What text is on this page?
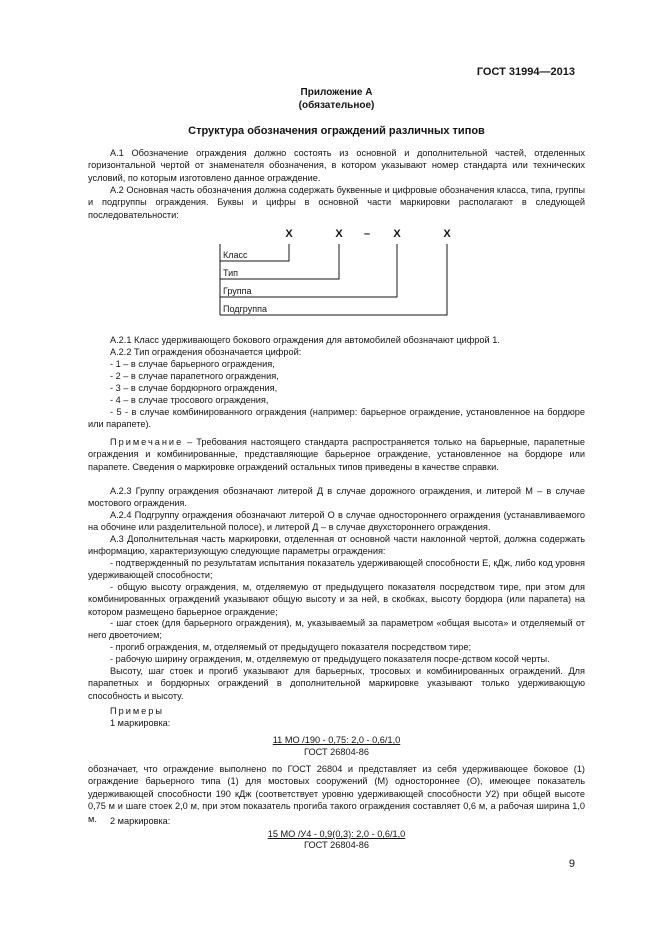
ГОСТ 31994—2013
Приложение А
(обязательное)
Структура обозначения ограждений различных типов
А.1 Обозначение ограждения должно состоять из основной и дополнительной частей, отделенных горизонтальной чертой от знаменателя обозначения, в котором указывают номер стандарта или технических условий, по которым изготовлено данное ограждение.
А.2 Основная часть обозначения должна содержать буквенные и цифровые обозначения класса, типа, группы и подгруппы ограждения. Буквы и цифры в основной части маркировки располагают в следующей последовательности:
X	X – X	X
Класс
Тип
Группа
Подгруппа
А.2.1 Класс удерживающего бокового ограждения для автомобилей обозначают цифрой 1.
А.2.2 Тип ограждения обозначается цифрой:
- 1 – в случае барьерного ограждения,
- 2 – в случае парапетного ограждения,
- 3 – в случае бордюрного ограждения,
- 4 – в случае тросового ограждения,
- 5 - в случае комбинированного ограждения (например: барьерное ограждение, установленное на бордюре или парапете).
Примечание – Требования настоящего стандарта распространяется только на барьерные, парапетные ограждения и комбинированные, представляющие барьерное ограждение, установленное на бордюре или парапете. Сведения о маркировке ограждений остальных типов приведены в качестве справки.
А.2.3 Группу ограждения обозначают литерой Д в случае дорожного ограждения, и литерой М – в случае мостового ограждения.
А.2.4 Подгруппу ограждения обозначают литерой О в случае одностороннего ограждения (устанавливаемого на обочине или разделительной полосе), и литерой Д – в случае двухстороннего ограждения.
А.3 Дополнительная часть маркировки, отделенная от основной части наклонной чертой, должна содержать информацию, характеризующую следующие параметры ограждения:
- подтвержденный по результатам испытания показатель удерживающей способности Е, кДж, либо код уровня удерживающей способности;
- общую высоту ограждения, м, отделяемую от предыдущего показателя посредством тире, при этом для комбинированных ограждений указывают общую высоту и за ней, в скобках, высоту бордюра (или парапета) на котором размещено барьерное ограждение;
- шаг стоек (для барьерного ограждения), м, указываемый за параметром «общая высота» и отделяемый от него двоеточием;
- прогиб ограждения, м, отделяемый от предыдущего показателя посредством тире;
- рабочую ширину ограждения, м, отделяемую от предыдущего показателя посре-дством косой черты.
Высоту, шаг стоек и прогиб указывают для барьерных, тросовых и комбинированных ограждений. Для парапетных и бордюрных ограждений в дополнительной маркировке указывают только удерживающую способность и высоту.
Примеры
1 маркировка:
11 МО /190 - 0,75: 2,0 - 0,6/1,0
ГОСТ 26804-86
обозначает, что ограждение выполнено по ГОСТ 26804 и представляет из себя удерживающее боковое (1) ограждение барьерного типа (1) для мостовых сооружений (М) одностороннее (О), имеющее показатель удерживающей способности 190 кДж (соответствует уровню удерживающей способности У2) при общей высоте 0,75 м и шаге стоек 2,0 м, при этом показатель прогиба такого ограждения составляет 0,6 м, а рабочая ширина 1,0 м.	2 маркировка:
15 МО /У4 - 0,9(0,3): 2,0 - 0,6/1,0
ГОСТ 26804-86
9
